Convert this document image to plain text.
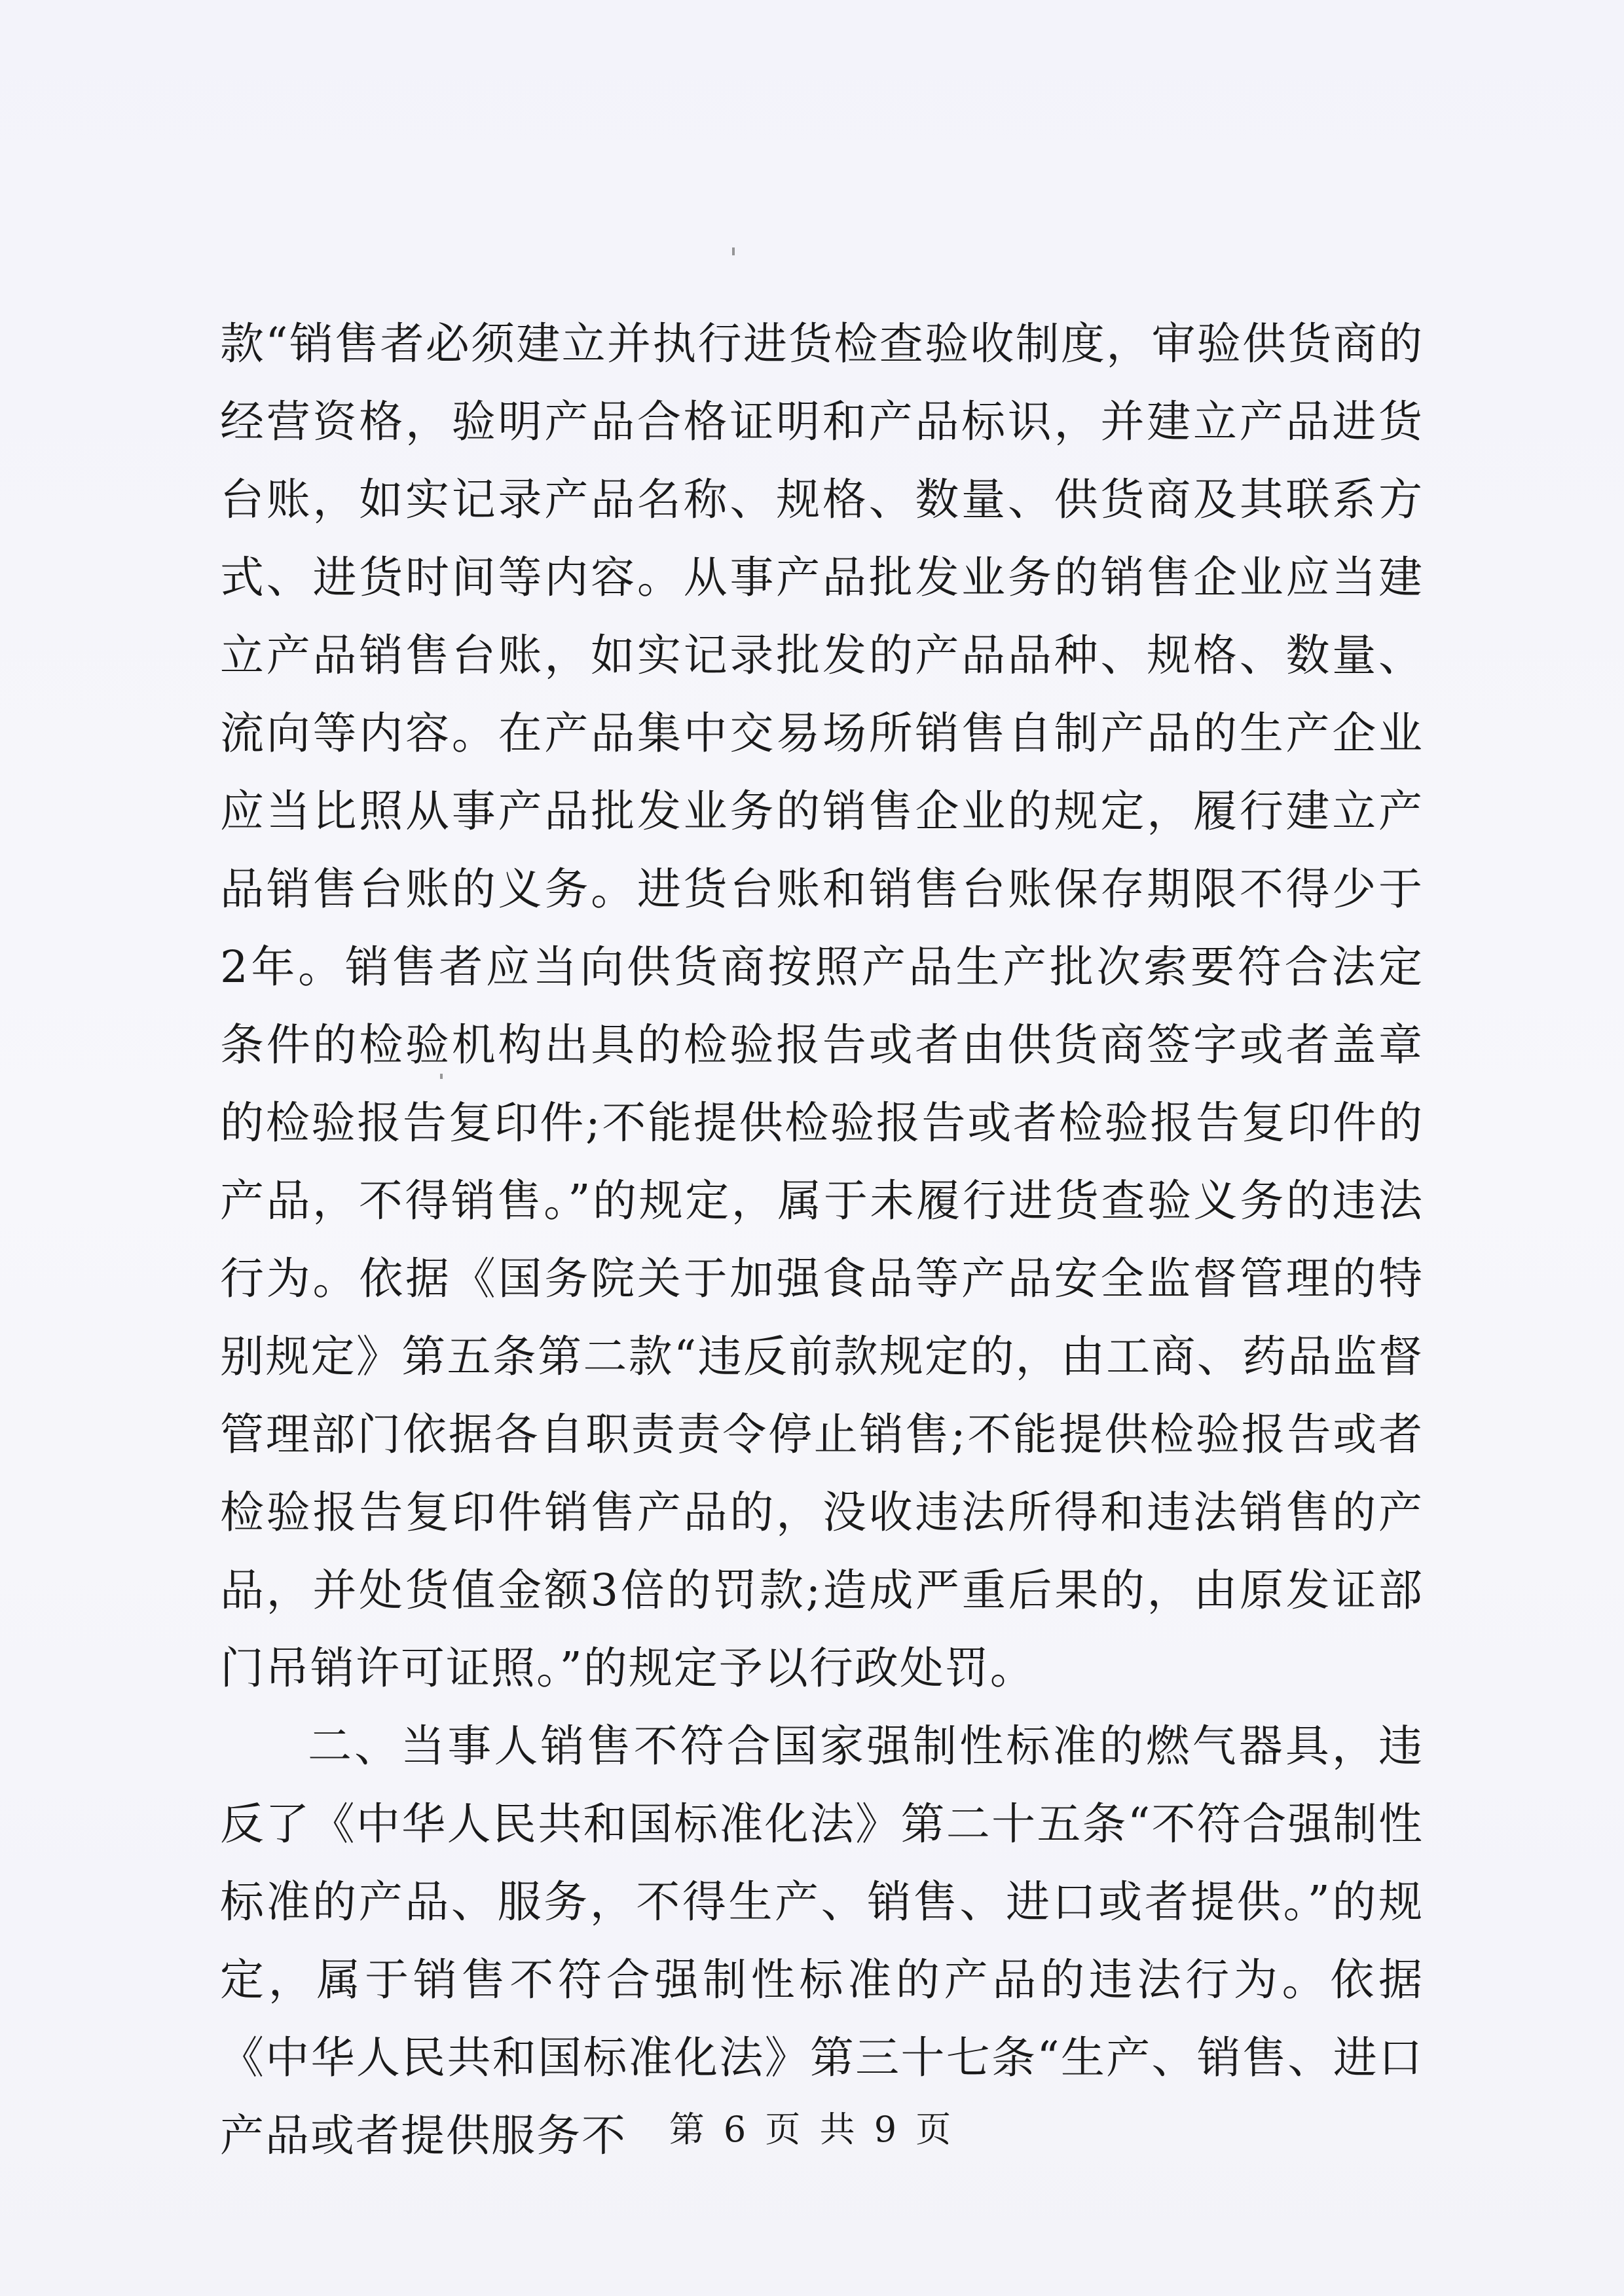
款“销售者必须建立并执行进货检查验收制度，审验供货商的经营资格，验明产品合格证明和产品标识，并建立产品进货台账，如实记录产品名称、规格、数量、供货商及其联系方式、进货时间等内容。从事产品批发业务的销售企业应当建立产品销售台账，如实记录批发的产品品种、规格、数量、流向等内容。在产品集中交易场所销售自制产品的生产企业应当比照从事产品批发业务的销售企业的规定，履行建立产品销售台账的义务。进货台账和销售台账保存期限不得少于2年。销售者应当向供货商按照产品生产批次索要符合法定条件的检验机构出具的检验报告或者由供货商签字或者盖章的检验报告复印件;不能提供检验报告或者检验报告复印件的产品，不得销售。”的规定，属于未履行进货查验义务的违法行为。依据《国务院关于加强食品等产品安全监督管理的特别规定》第五条第二款“违反前款规定的，由工商、药品监督管理部门依据各自职责责令停止销售;不能提供检验报告或者检验报告复印件销售产品的，没收违法所得和违法销售的产品，并处货值金额3倍的罚款;造成严重后果的，由原发证部门吊销许可证照。”的规定予以行政处罚。

二、当事人销售不符合国家强制性标准的燃气器具，违反了《中华人民共和国标准化法》第二十五条“不符合强制性标准的产品、服务，不得生产、销售、进口或者提供。”的规定，属于销售不符合强制性标准的产品的违法行为。依据《中华人民共和国标准化法》第三十七条“生产、销售、进口产品或者提供服务不	第 6 页 共 9 页
